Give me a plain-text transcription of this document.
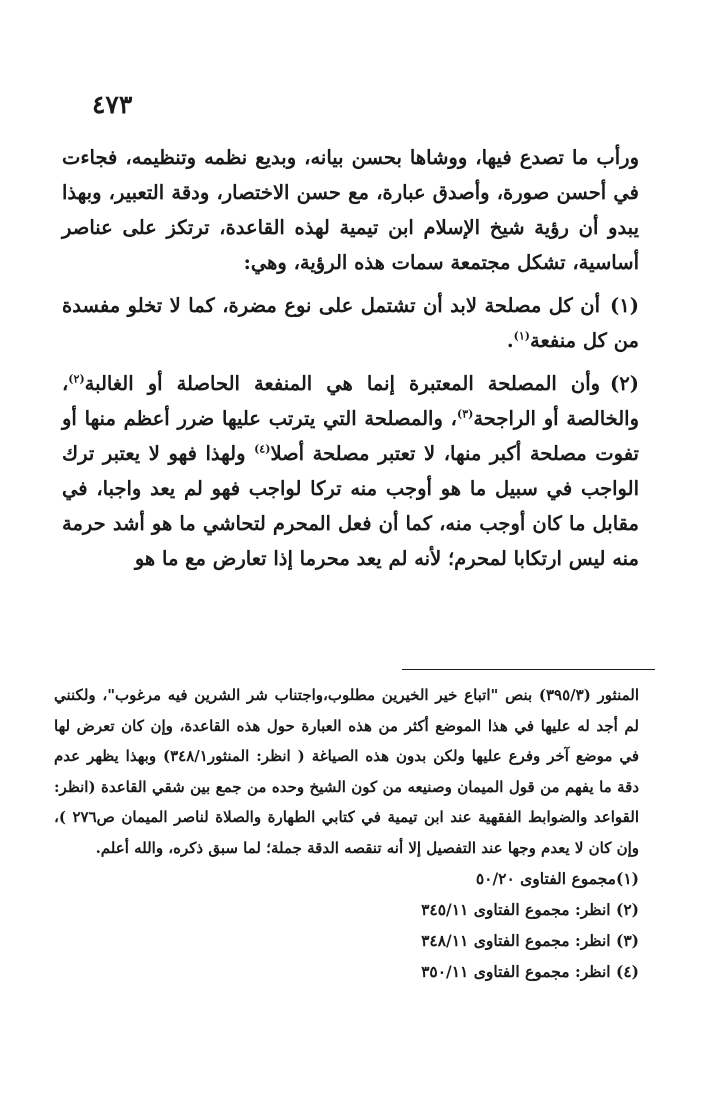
٤٧٣

ورأب ما تصدع فيها، ووشاها بحسن بيانه، وبديع نظمه وتنظيمه، فجاءت في أحسن صورة، وأصدق عبارة، مع حسن الاختصار، ودقة التعبير، وبهذا يبدو أن رؤية شيخ الإسلام ابن تيمية لهذه القاعدة، ترتكز على عناصر أساسية، تشكل مجتمعة سمات هذه الرؤية، وهي:

(١)أن كل مصلحة لابد أن تشتمل على نوع مضرة، كما لا تخلو مفسدة من كل منفعة$^{(١)}$.

(٢)وأن المصلحة المعتبرة إنما هي المنفعة الحاصلة أو الغالبة$^{(٢)}$، والخالصة أو الراجحة$^{(٣)}$، والمصلحة التي يترتب عليها ضرر أعظم منها أو تفوت مصلحة أكبر منها، لا تعتبر مصلحة أصلا$^{(٤)}$ ولهذا فهو لا يعتبر ترك الواجب في سبيل ما هو أوجب منه تركا لواجب فهو لم يعد واجبا، في مقابل ما كان أوجب منه، كما أن فعل المحرم لتحاشي ما هو أشد حرمة منه ليس ارتكابا لمحرم؛ لأنه لم يعد محرما إذا تعارض مع ما هو

المنثور (٣٩٥/٣) بنص "اتباع خير الخيرين مطلوب،واجتناب شر الشرين فيه مرغوب"، ولكنني لم أجد له عليها في هذا الموضع أكثر من هذه العبارة حول هذه القاعدة، وإن كان تعرض لها في موضع آخر وفرع عليها ولكن بدون هذه الصياغة ( انظر: المنثور٣٤٨/١) وبهذا يظهر عدم دقة ما يفهم من قول الميمان وصنيعه من كون الشيخ وحده من جمع بين شقي القاعدة (انظر: القواعد والضوابط الفقهية عند ابن تيمية في كتابي الطهارة والصلاة لناصر الميمان ص٢٧٦ )، وإن كان لا يعدم وجها عند التفصيل إلا أنه تنقصه الدقة جملة؛ لما سبق ذكره، والله أعلم.

(١)مجموع الفتاوى ٥٠/٢٠
(٢) انظر: مجموع الفتاوى ٣٤٥/١١
(٣) انظر: مجموع الفتاوى ٣٤٨/١١
(٤) انظر: مجموع الفتاوى ٣٥٠/١١
